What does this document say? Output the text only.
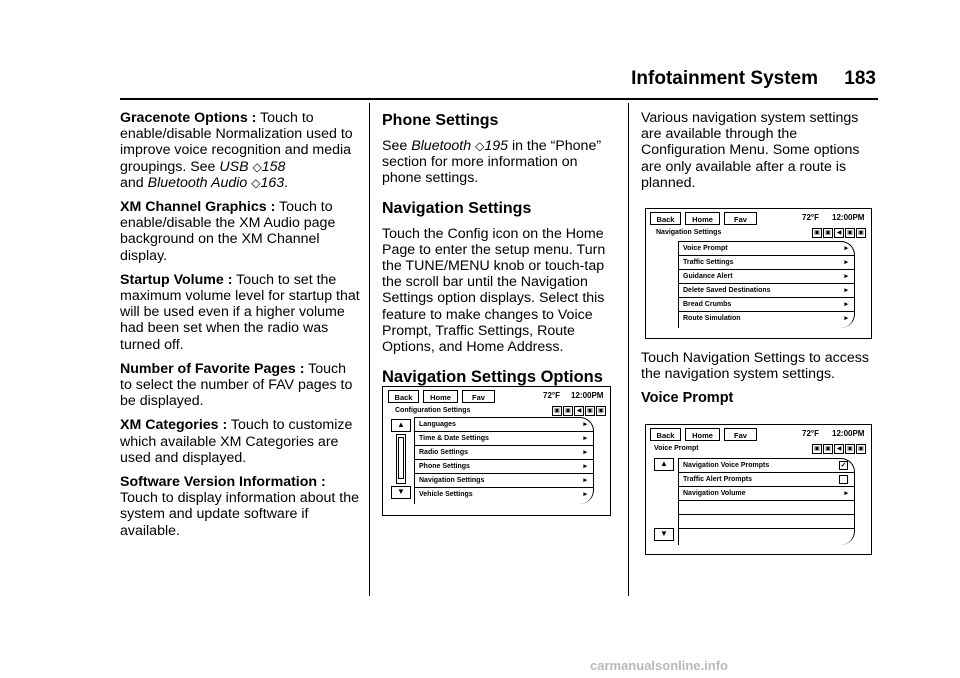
Infotainment System 183

Gracenote Options : Touch to enable/disable Normalization used to improve voice recognition and media groupings. See USB ◇158
and Bluetooth Audio ◇163.

XM Channel Graphics : Touch to enable/disable the XM Audio page background on the XM Channel display.

Startup Volume : Touch to set the maximum volume level for startup that will be used even if a higher volume had been set when the radio was turned off.

Number of Favorite Pages : Touch to select the number of FAV pages to be displayed.

XM Categories : Touch to customize which available XM Categories are used and displayed.

Software Version Information :
Touch to display information about the system and update software if available.

Phone Settings

See Bluetooth ◇195 in the “Phone” section for more information on phone settings.

Navigation Settings

Touch the Config icon on the Home Page to enter the setup menu. Turn the TUNE/MENU knob or touch-tap the scroll bar until the Navigation Settings option displays. Select this feature to make changes to Voice Prompt, Traffic Settings, Route Options, and Home Address.

Navigation Settings Options

Various navigation system settings are available through the Configuration Menu. Some options are only available after a route is planned.

Touch Navigation Settings to access the navigation system settings.

Voice Prompt
Back	Home	Fav	72°F 12:00PM
Configuration Settings	▣ ▣ ◀ ▣ ▣
▲
▼
Languages	▸
Time & Date Settings	▸
Radio Settings	▸
Phone Settings	▸
Navigation Settings	▸
Vehicle Settings	▸
Back	Home	Fav	72°F 12:00PM
Navigation Settings	▣ ▣ ◀ ▣ ▣
Voice Prompt	▸
Traffic Settings	▸
Guidance Alert	▸
Delete Saved Destinations	▸
Bread Crumbs	▸
Route Simulation	▸
Back	Home	Fav	72°F 12:00PM
Voice Prompt	▣ ▣ ◀ ▣ ▣
▲
▼
Navigation Voice Prompts	✓
Traffic Alert Prompts
Navigation Volume	▸
carmanualsonline.info
